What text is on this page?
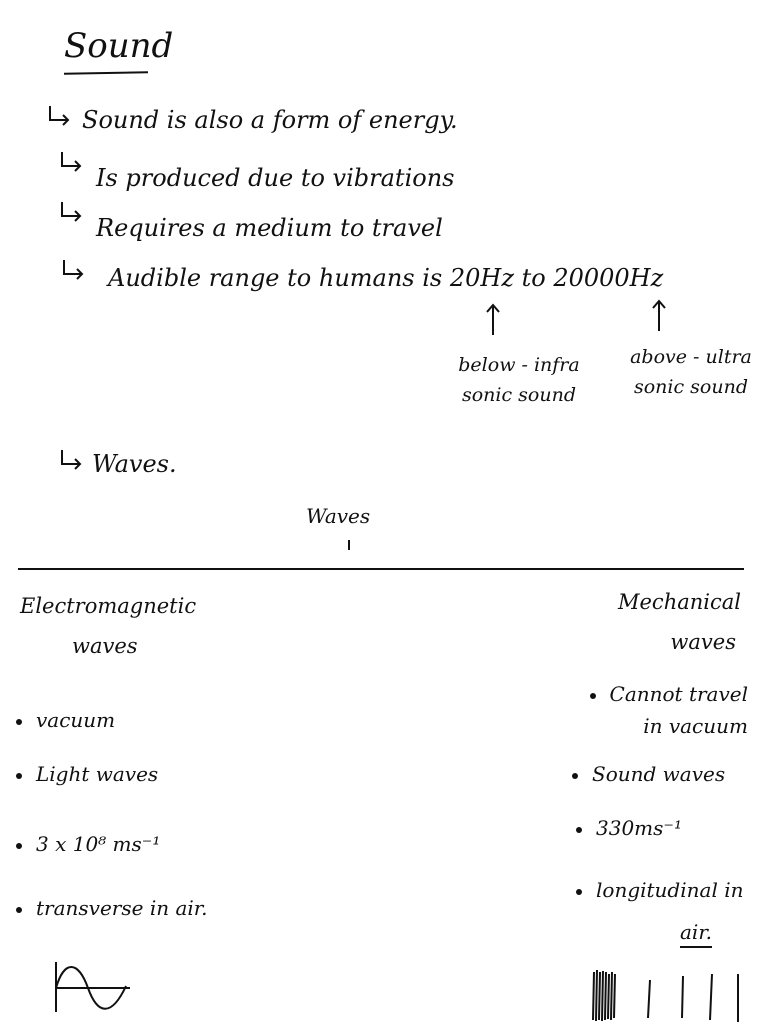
Sound
Sound is also a form of energy.
Is produced due to vibrations
Requires a medium to travel
Audible range to humans is 20Hz to 20000Hz
below - infra sonic sound
above - ultra sonic sound
Waves.
Waves
Electromagnetic
waves
Mechanical
waves
vacuum
Light waves
3 x 10⁸ ms⁻¹
transverse in air.
Cannot travel in vacuum
Sound waves
330ms⁻¹
longitudinal in
air.
